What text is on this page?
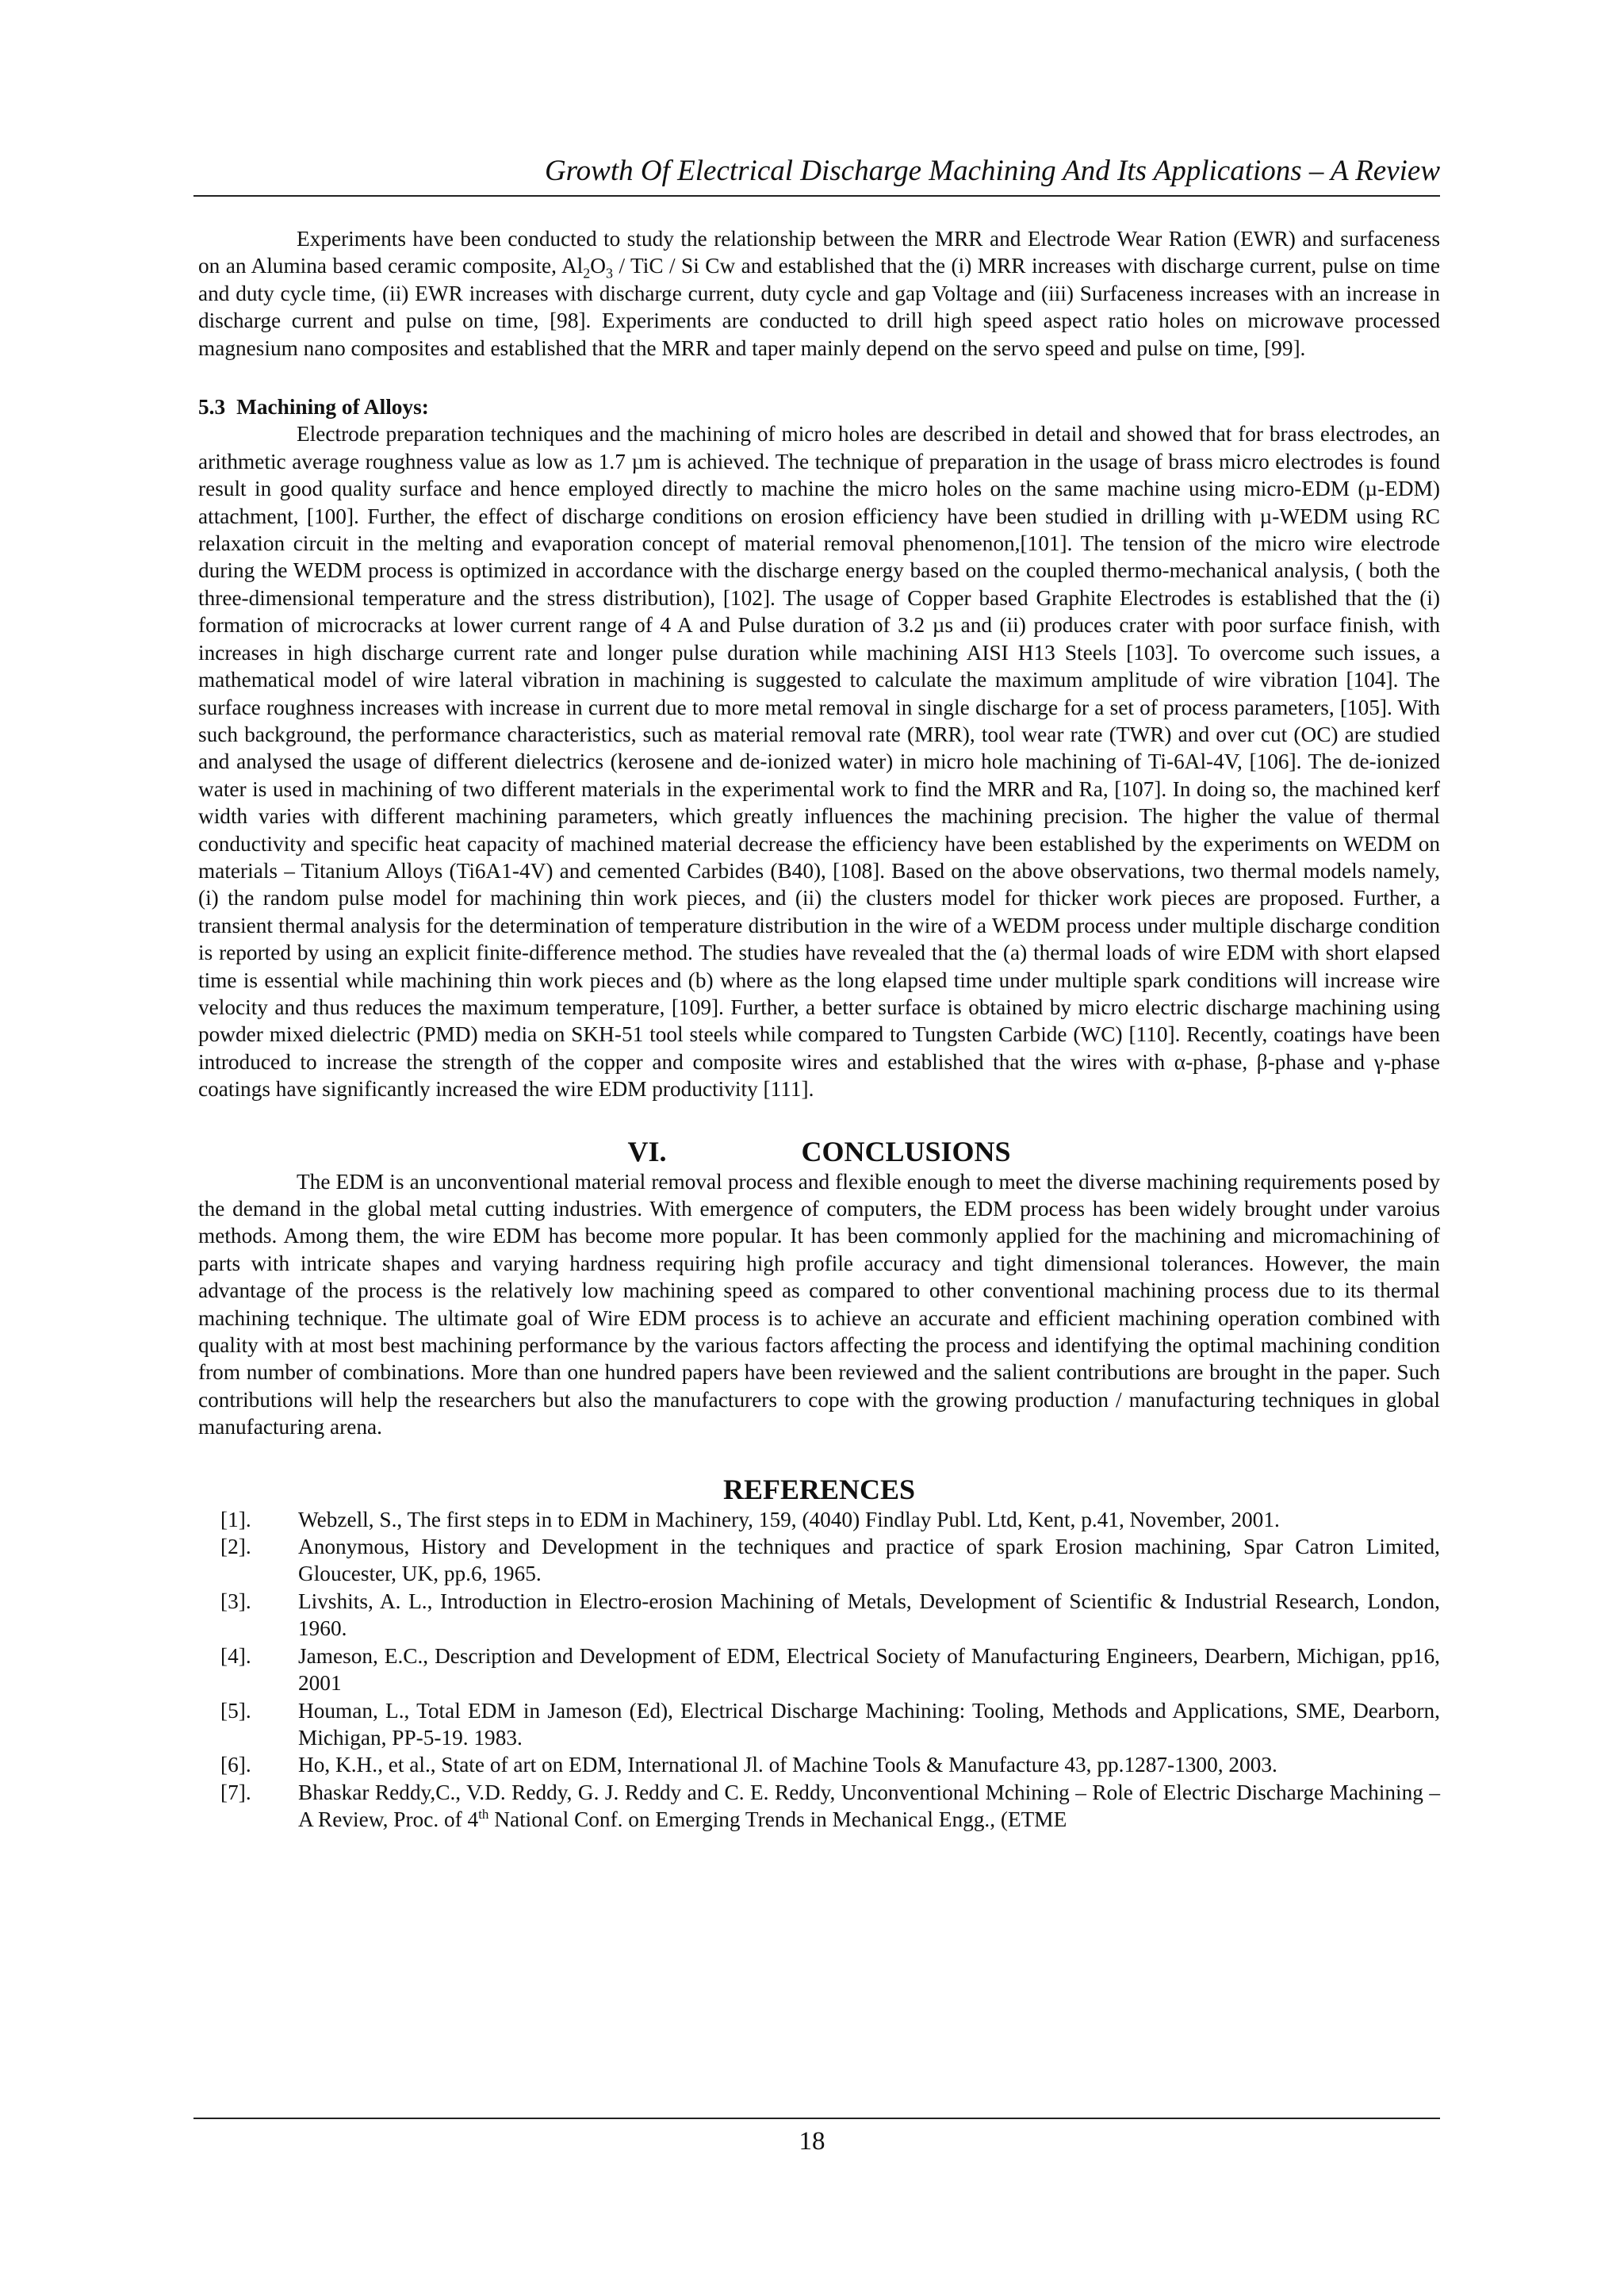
Growth Of Electrical Discharge Machining And Its Applications – A Review

Experiments have been conducted to study the relationship between the MRR and Electrode Wear Ration (EWR) and surfaceness on an Alumina based ceramic composite, $Al_2O_3$ / TiC / Si Cw and established that the (i) MRR increases with discharge current, pulse on time and duty cycle time, (ii) EWR increases with discharge current, duty cycle and gap Voltage and (iii) Surfaceness increases with an increase in discharge current and pulse on time, [98]. Experiments are conducted to drill high speed aspect ratio holes on microwave processed magnesium nano composites and established that the MRR and taper mainly depend on the servo speed and pulse on time, [99].

5.3 Machining of Alloys:

Electrode preparation techniques and the machining of micro holes are described in detail and showed that for brass electrodes, an arithmetic average roughness value as low as 1.7 µm is achieved. The technique of preparation in the usage of brass micro electrodes is found result in good quality surface and hence employed directly to machine the micro holes on the same machine using micro-EDM (µ-EDM) attachment, [100]. Further, the effect of discharge conditions on erosion efficiency have been studied in drilling with µ-WEDM using RC relaxation circuit in the melting and evaporation concept of material removal phenomenon,[101]. The tension of the micro wire electrode during the WEDM process is optimized in accordance with the discharge energy based on the coupled thermo-mechanical analysis, ( both the three-dimensional temperature and the stress distribution), [102]. The usage of Copper based Graphite Electrodes is established that the (i) formation of microcracks at lower current range of 4 A and Pulse duration of 3.2 µs and (ii) produces crater with poor surface finish, with increases in high discharge current rate and longer pulse duration while machining AISI H13 Steels [103]. To overcome such issues, a mathematical model of wire lateral vibration in machining is suggested to calculate the maximum amplitude of wire vibration [104]. The surface roughness increases with increase in current due to more metal removal in single discharge for a set of process parameters, [105]. With such background, the performance characteristics, such as material removal rate (MRR), tool wear rate (TWR) and over cut (OC) are studied and analysed the usage of different dielectrics (kerosene and de-ionized water) in micro hole machining of Ti-6Al-4V, [106]. The de-ionized water is used in machining of two different materials in the experimental work to find the MRR and Ra, [107]. In doing so, the machined kerf width varies with different machining parameters, which greatly influences the machining precision. The higher the value of thermal conductivity and specific heat capacity of machined material decrease the efficiency have been established by the experiments on WEDM on materials – Titanium Alloys (Ti6A1-4V) and cemented Carbides (B40), [108]. Based on the above observations, two thermal models namely, (i) the random pulse model for machining thin work pieces, and (ii) the clusters model for thicker work pieces are proposed. Further, a transient thermal analysis for the determination of temperature distribution in the wire of a WEDM process under multiple discharge condition is reported by using an explicit finite-difference method. The studies have revealed that the (a) thermal loads of wire EDM with short elapsed time is essential while machining thin work pieces and (b) where as the long elapsed time under multiple spark conditions will increase wire velocity and thus reduces the maximum temperature, [109]. Further, a better surface is obtained by micro electric discharge machining using powder mixed dielectric (PMD) media on SKH-51 tool steels while compared to Tungsten Carbide (WC) [110]. Recently, coatings have been introduced to increase the strength of the copper and composite wires and established that the wires with α-phase, β-phase and γ-phase coatings have significantly increased the wire EDM productivity [111].

VI.	CONCLUSIONS

The EDM is an unconventional material removal process and flexible enough to meet the diverse machining requirements posed by the demand in the global metal cutting industries. With emergence of computers, the EDM process has been widely brought under varoius methods. Among them, the wire EDM has become more popular. It has been commonly applied for the machining and micromachining of parts with intricate shapes and varying hardness requiring high profile accuracy and tight dimensional tolerances. However, the main advantage of the process is the relatively low machining speed as compared to other conventional machining process due to its thermal machining technique. The ultimate goal of Wire EDM process is to achieve an accurate and efficient machining operation combined with quality with at most best machining performance by the various factors affecting the process and identifying the optimal machining condition from number of combinations. More than one hundred papers have been reviewed and the salient contributions are brought in the paper. Such contributions will help the researchers but also the manufacturers to cope with the growing production / manufacturing techniques in global manufacturing arena.

REFERENCES
[1].	Webzell, S., The first steps in to EDM in Machinery, 159, (4040) Findlay Publ. Ltd, Kent, p.41, November, 2001.
[2].	Anonymous, History and Development in the techniques and practice of spark Erosion machining, Spar Catron Limited, Gloucester, UK, pp.6, 1965.
[3].	Livshits, A. L., Introduction in Electro-erosion Machining of Metals, Development of Scientific & Industrial Research, London, 1960.
[4].	Jameson, E.C., Description and Development of EDM, Electrical Society of Manufacturing Engineers, Dearbern, Michigan, pp16, 2001
[5].	Houman, L., Total EDM in Jameson (Ed), Electrical Discharge Machining: Tooling, Methods and Applications, SME, Dearborn, Michigan, PP-5-19. 1983.
[6].	Ho, K.H., et al., State of art on EDM, International Jl. of Machine Tools & Manufacture 43, pp.1287-1300, 2003.
[7].	Bhaskar Reddy,C., V.D. Reddy, G. J. Reddy and C. E. Reddy, Unconventional Mchining – Role of Electric Discharge Machining – A Review, Proc. of 4th National Conf. on Emerging Trends in Mechanical Engg., (ETME
18
